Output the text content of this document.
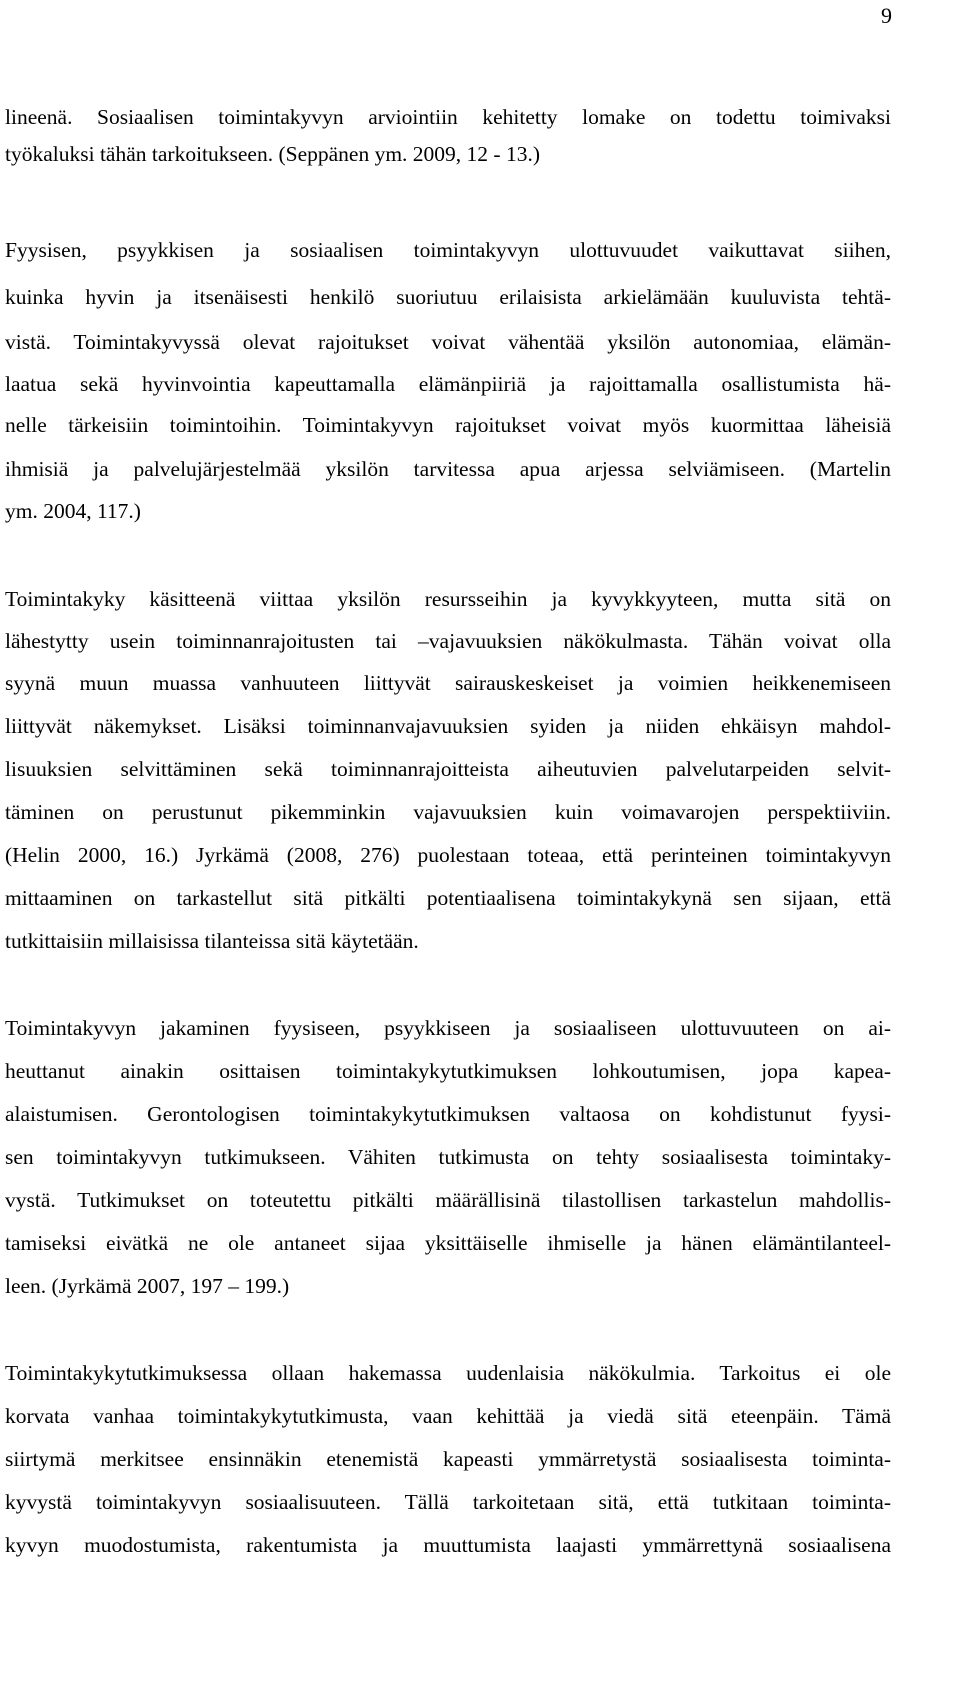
9
lineenä. Sosiaalisen toimintakyvyn arviointiin kehitetty lomake on todettu toimivaksi
työkaluksi tähän tarkoitukseen. (Seppänen ym. 2009, 12 - 13.)
Fyysisen, psyykkisen ja sosiaalisen toimintakyvyn ulottuvuudet vaikuttavat siihen,
kuinka hyvin ja itsenäisesti henkilö suoriutuu erilaisista arkielämään kuuluvista tehtä-
vistä. Toimintakyvyssä olevat rajoitukset voivat vähentää yksilön autonomiaa, elämän-
laatua sekä hyvinvointia kapeuttamalla elämänpiiriä ja rajoittamalla osallistumista hä-
nelle tärkeisiin toimintoihin. Toimintakyvyn rajoitukset voivat myös kuormittaa läheisiä
ihmisiä ja palvelujärjestelmää yksilön tarvitessa apua arjessa selviämiseen. (Martelin
ym. 2004, 117.)
Toimintakyky käsitteenä viittaa yksilön resursseihin ja kyvykkyyteen, mutta sitä on
lähestytty usein toiminnanrajoitusten tai –vajavuuksien näkökulmasta. Tähän voivat olla
syynä muun muassa vanhuuteen liittyvät sairauskeskeiset ja voimien heikkenemiseen
liittyvät näkemykset. Lisäksi toiminnanvajavuuksien syiden ja niiden ehkäisyn mahdol-
lisuuksien selvittäminen sekä toiminnanrajoitteista aiheutuvien palvelutarpeiden selvit-
täminen on perustunut pikemminkin vajavuuksien kuin voimavarojen perspektiiviin.
(Helin 2000, 16.) Jyrkämä (2008, 276) puolestaan toteaa, että perinteinen toimintakyvyn
mittaaminen on tarkastellut sitä pitkälti potentiaalisena toimintakykynä sen sijaan, että
tutkittaisiin millaisissa tilanteissa sitä käytetään.
Toimintakyvyn jakaminen fyysiseen, psyykkiseen ja sosiaaliseen ulottuvuuteen on ai-
heuttanut ainakin osittaisen toimintakykytutkimuksen lohkoutumisen, jopa kapea-
alaistumisen. Gerontologisen toimintakykytutkimuksen valtaosa on kohdistunut fyysi-
sen toimintakyvyn tutkimukseen. Vähiten tutkimusta on tehty sosiaalisesta toimintaky-
vystä. Tutkimukset on toteutettu pitkälti määrällisinä tilastollisen tarkastelun mahdollis-
tamiseksi eivätkä ne ole antaneet sijaa yksittäiselle ihmiselle ja hänen elämäntilanteel-
leen. (Jyrkämä 2007, 197 – 199.)
Toimintakykytutkimuksessa ollaan hakemassa uudenlaisia näkökulmia. Tarkoitus ei ole
korvata vanhaa toimintakykytutkimusta, vaan kehittää ja viedä sitä eteenpäin. Tämä
siirtymä merkitsee ensinnäkin etenemistä kapeasti ymmärretystä sosiaalisesta toiminta-
kyvystä toimintakyvyn sosiaalisuuteen. Tällä tarkoitetaan sitä, että tutkitaan toiminta-
kyvyn muodostumista, rakentumista ja muuttumista laajasti ymmärrettynä sosiaalisena
